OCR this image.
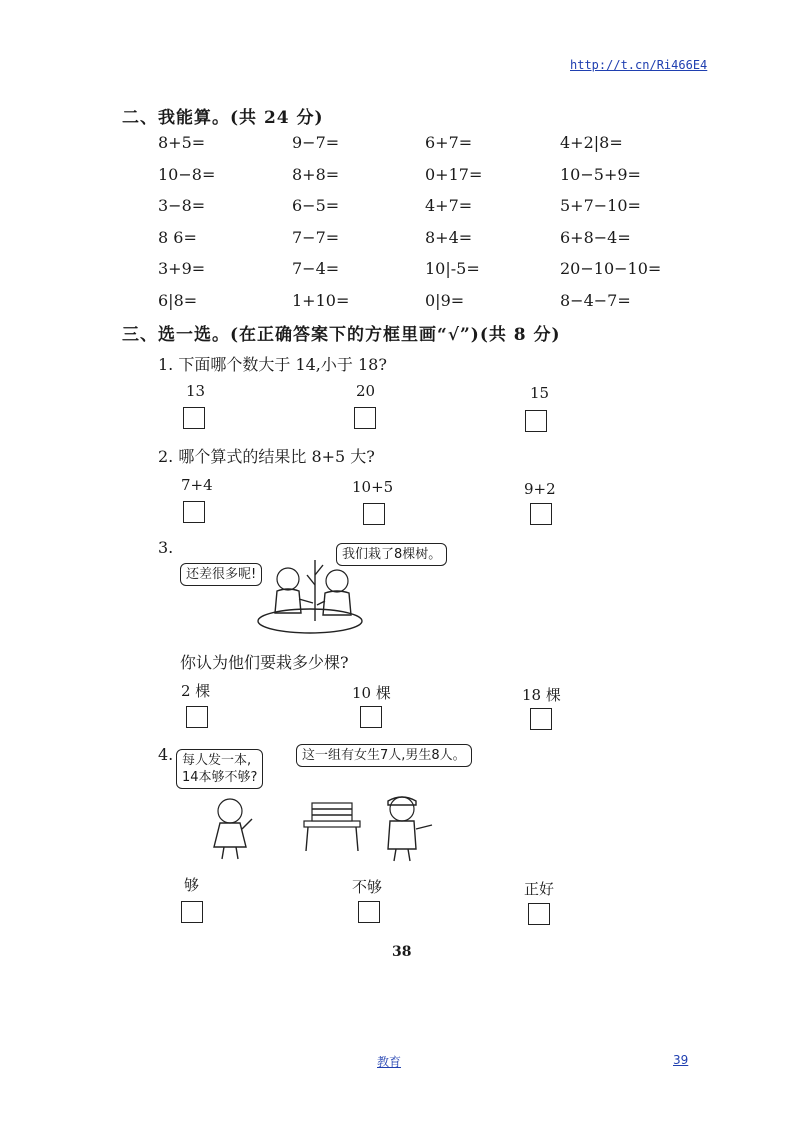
http://t.cn/Ri466E4
二、我能算。(共 24 分)
8+5=	9−7=	6+7=	4+2|8=
10−8=	8+8=	0+17=	10−5+9=
3−8=	6−5=	4+7=	5+7−10=
8 6=	7−7=	8+4=	6+8−4=
3+9=	7−4=	10|-5=	20−10−10=
6|8=	1+10=	0|9=	8−4−7=
三、选一选。(在正确答案下的方框里画“√”)(共 8 分)
1. 下面哪个数大于 14,小于 18?
13	20	15
2. 哪个算式的结果比 8+5 大?
7+4	10+5	9+2
3.
还差很多呢!
我们栽了8棵树。
你认为他们要栽多少棵?
2 棵	10 棵	18 棵
4. 每人发一本,
14本够不够?
这一组有女生7人,男生8人。
够	不够	正好
38
教育	39
